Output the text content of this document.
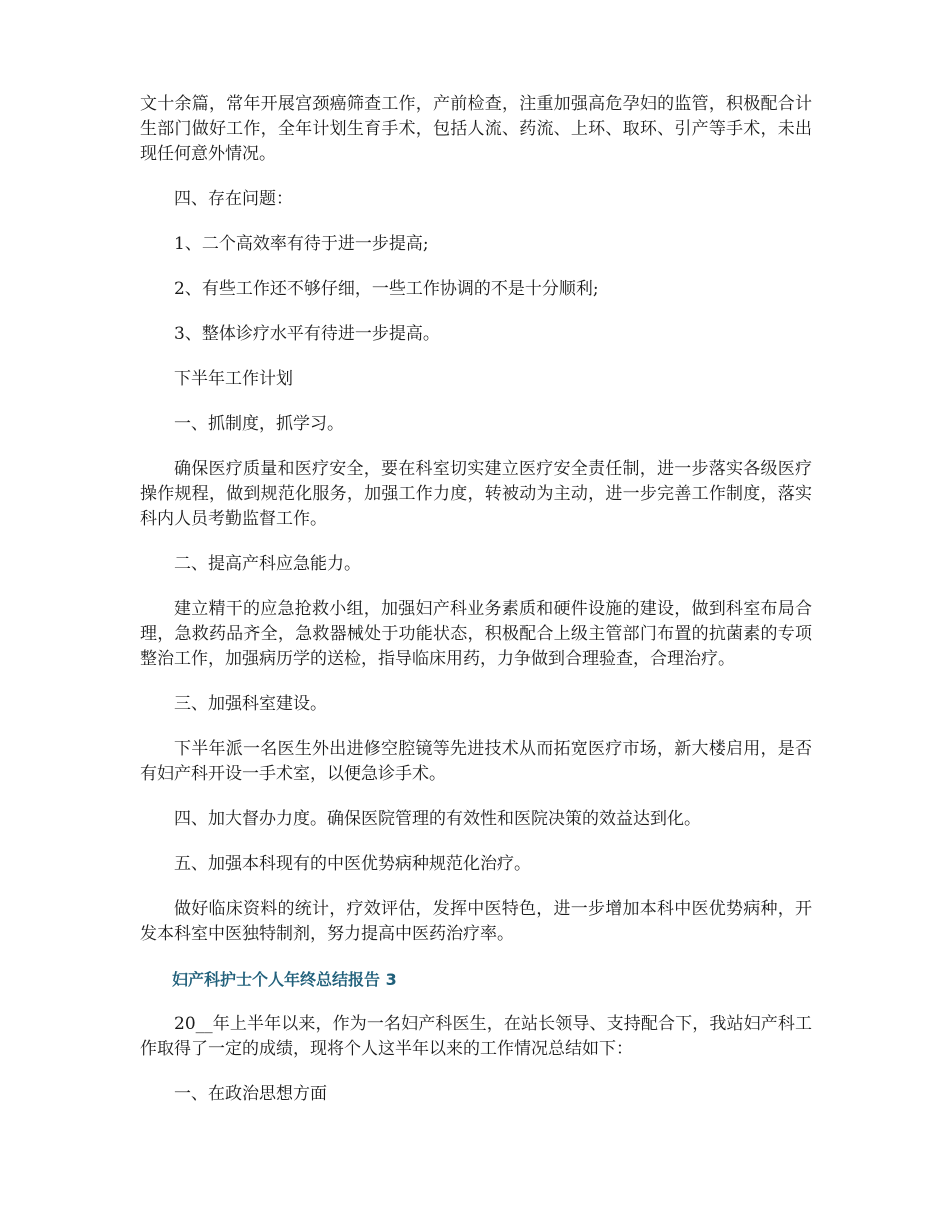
文十余篇，常年开展宫颈癌筛查工作，产前检查，注重加强高危孕妇的监管，积极配合计生部门做好工作，全年计划生育手术，包括人流、药流、上环、取环、引产等手术，未出现任何意外情况。

四、存在问题：

1、二个高效率有待于进一步提高;

2、有些工作还不够仔细，一些工作协调的不是十分顺利;

3、整体诊疗水平有待进一步提高。

下半年工作计划

一、抓制度，抓学习。

确保医疗质量和医疗安全，要在科室切实建立医疗安全责任制，进一步落实各级医疗操作规程，做到规范化服务，加强工作力度，转被动为主动，进一步完善工作制度，落实科内人员考勤监督工作。

二、提高产科应急能力。

建立精干的应急抢救小组，加强妇产科业务素质和硬件设施的建设，做到科室布局合理，急救药品齐全，急救器械处于功能状态，积极配合上级主管部门布置的抗菌素的专项整治工作，加强病历学的送检，指导临床用药，力争做到合理验查，合理治疗。

三、加强科室建设。

下半年派一名医生外出进修空腔镜等先进技术从而拓宽医疗市场，新大楼启用，是否有妇产科开设一手术室，以便急诊手术。

四、加大督办力度。确保医院管理的有效性和医院决策的效益达到化。

五、加强本科现有的中医优势病种规范化治疗。

做好临床资料的统计，疗效评估，发挥中医特色，进一步增加本科中医优势病种，开发本科室中医独特制剂，努力提高中医药治疗率。

妇产科护士个人年终总结报告 3

20__年上半年以来，作为一名妇产科医生，在站长领导、支持配合下，我站妇产科工作取得了一定的成绩，现将个人这半年以来的工作情况总结如下：

一、在政治思想方面
